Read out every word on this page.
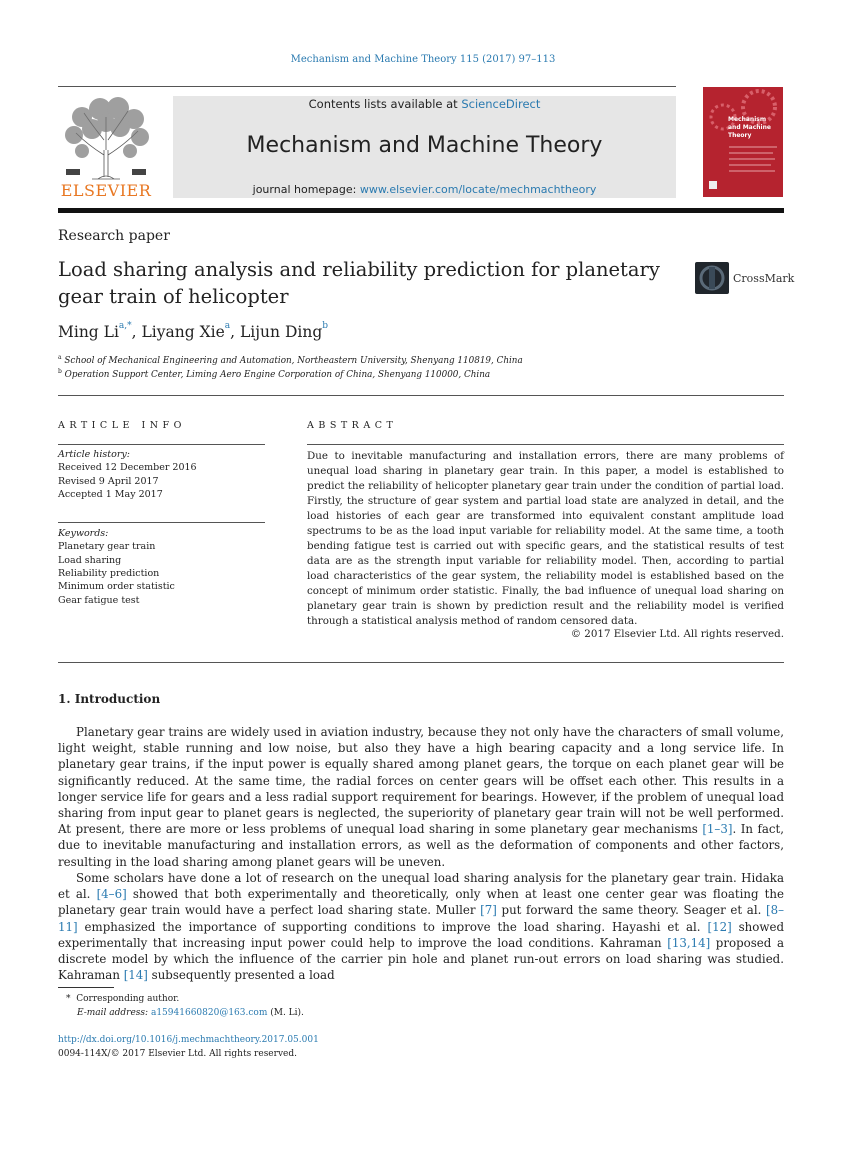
Mechanism and Machine Theory 115 (2017) 97–113
ELSEVIER
Contents lists available at ScienceDirect
Mechanism and Machine Theory
journal homepage: www.elsevier.com/locate/mechmachtheory
Mechanism and Machine Theory
Research paper
Load sharing analysis and reliability prediction for planetary gear train of helicopter
CrossMark
Ming $Li^{a,*}$, Liyang Xie$^a$, Lijun Ding$^b$
$^a$ School of Mechanical Engineering and Automation, Northeastern University, Shenyang 110819, China
$^b$ Operation Support Center, Liming Aero Engine Corporation of China, Shenyang 110000, China
ARTICLE INFO
Article history:
Received 12 December 2016
Revised 9 April 2017
Accepted 1 May 2017
Keywords:
Planetary gear train
Load sharing
Reliability prediction
Minimum order statistic
Gear fatigue test
ABSTRACT
Due to inevitable manufacturing and installation errors, there are many problems of unequal load sharing in planetary gear train. In this paper, a model is established to predict the reliability of helicopter planetary gear train under the condition of partial load. Firstly, the structure of gear system and partial load state are analyzed in detail, and the load histories of each gear are transformed into equivalent constant amplitude load spectrums to be as the load input variable for reliability model. At the same time, a tooth bending fatigue test is carried out with specific gears, and the statistical results of test data are as the strength input variable for reliability model. Then, according to partial load characteristics of the gear system, the reliability model is established based on the concept of minimum order statistic. Finally, the bad influence of unequal load sharing on planetary gear train is shown by prediction result and the reliability model is verified through a statistical analysis method of random censored data.
© 2017 Elsevier Ltd. All rights reserved.
1. Introduction
Planetary gear trains are widely used in aviation industry, because they not only have the characters of small volume, light weight, stable running and low noise, but also they have a high bearing capacity and a long service life. In planetary gear trains, if the input power is equally shared among planet gears, the torque on each planet gear will be significantly reduced. At the same time, the radial forces on center gears will be offset each other. This results in a longer service life for gears and a less radial support requirement for bearings. However, if the problem of unequal load sharing from input gear to planet gears is neglected, the superiority of planetary gear train will not be well performed. At present, there are more or less problems of unequal load sharing in some planetary gear mechanisms [1–3]. In fact, due to inevitable manufacturing and installation errors, as well as the deformation of components and other factors, resulting in the load sharing among planet gears will be uneven.
Some scholars have done a lot of research on the unequal load sharing analysis for the planetary gear train. Hidaka et al. [4–6] showed that both experimentally and theoretically, only when at least one center gear was floating the planetary gear train would have a perfect load sharing state. Muller [7] put forward the same theory. Seager et al. [8–11] emphasized the importance of supporting conditions to improve the load sharing. Hayashi et al. [12] showed experimentally that increasing input power could help to improve the load conditions. Kahraman [13,14] proposed a discrete model by which the influence of the carrier pin hole and planet run-out errors on load sharing was studied. Kahraman [14] subsequently presented a load
* Corresponding author.
E-mail address: a15941660820@163.com (M. Li).
http://dx.doi.org/10.1016/j.mechmachtheory.2017.05.001
0094-114X/© 2017 Elsevier Ltd. All rights reserved.
